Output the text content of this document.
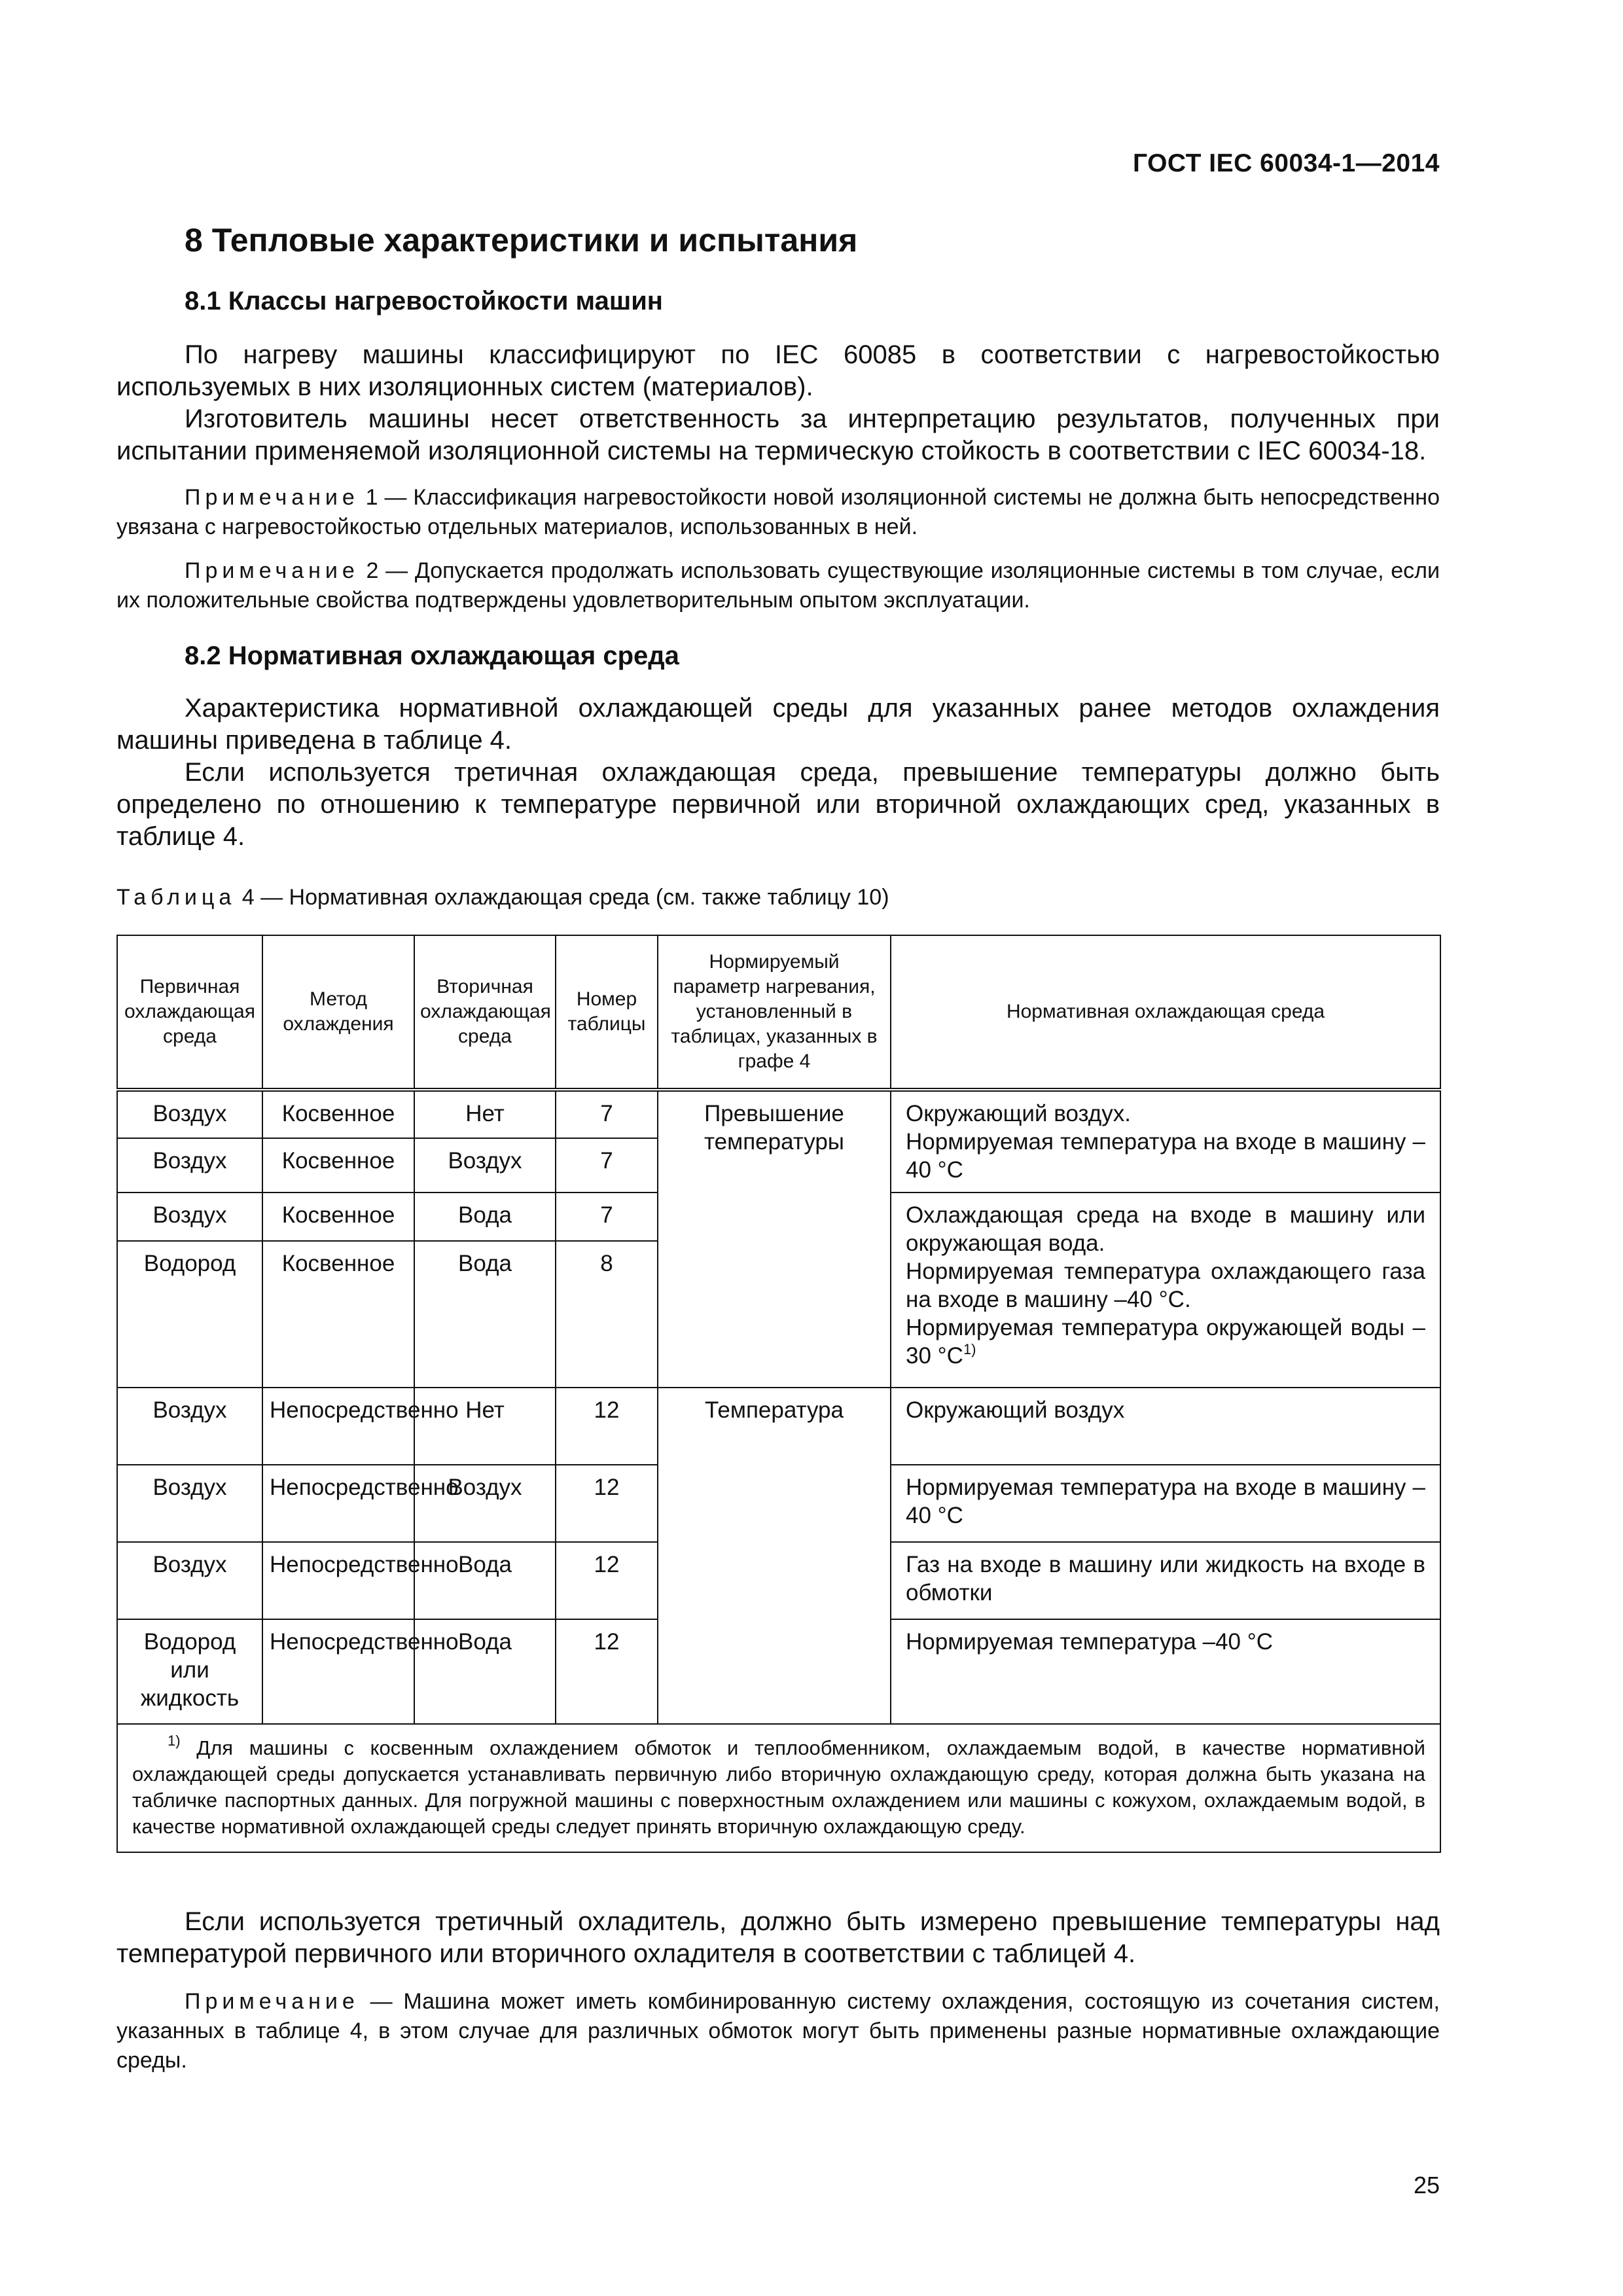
ГОСТ IEC 60034-1—2014
8 Тепловые характеристики и испытания
8.1 Классы нагревостойкости машин

По нагреву машины классифицируют по IEC 60085 в соответствии с нагревостойкостью используемых в них изоляционных систем (материалов).

Изготовитель машины несет ответственность за интерпретацию результатов, полученных при испытании применяемой изоляционной системы на термическую стойкость в соответствии с IEC 60034-18.

Примечание 1 — Классификация нагревостойкости новой изоляционной системы не должна быть непосредственно увязана с нагревостойкостью отдельных материалов, использованных в ней.

Примечание 2 — Допускается продолжать использовать существующие изоляционные системы в том случае, если их положительные свойства подтверждены удовлетворительным опытом эксплуатации.

8.2 Нормативная охлаждающая среда

Характеристика нормативной охлаждающей среды для указанных ранее методов охлаждения машины приведена в таблице 4.

Если используется третичная охлаждающая среда, превышение температуры должно быть определено по отношению к температуре первичной или вторичной охлаждающих сред, указанных в таблице 4.

Таблица 4 — Нормативная охлаждающая среда (см. также таблицу 10)
Первичная охлаждающая среда	Метод охлаждения	Вторичная охлаждающая среда	Номер таблицы	Нормируемый параметр нагревания, установленный в таблицах, указанных в графе 4	Нормативная охлаждающая среда
Воздух	Косвенное	Нет	7	Превышение температуры	Окружающий воздух.
Нормируемая температура на входе в машину –40 °С

Воздух	Косвенное	Воздух	7		
Воздух	Косвенное	Вода	7		Охлаждающая среда на входе в машину или окружающая вода.
Нормируемая температура охлаждающего газа на входе в машину –40 °С.
Нормируемая температура окружающей воды –30 $^\circ С^{1)}$

Водород	Косвенное	Вода	8		
Воздух	Непосредственно	Нет	12	Температура	Окружающий воздух
Воздух	Непосредственно	Воздух	12		Нормируемая температура на входе в машину –40 °С
Воздух	Непосредственно	Вода	12		Газ на входе в машину или жидкость на входе в обмотки
Водород или жидкость	Непосредственно	Вода	12		Нормируемая температура –40 °С
$^{1)}$ Для машины с косвенным охлаждением обмоток и теплообменником, охлаждаемым водой, в качестве нормативной охлаждающей среды допускается устанавливать первичную либо вторичную охлаждающую среду, которая должна быть указана на табличке паспортных данных. Для погружной машины с поверхностным охлаждением или машины с кожухом, охлаждаемым водой, в качестве нормативной охлаждающей среды следует принять вторичную охлаждающую среду.					

Если используется третичный охладитель, должно быть измерено превышение температуры над температурой первичного или вторичного охладителя в соответствии с таблицей 4.

Примечание — Машина может иметь комбинированную систему охлаждения, состоящую из сочетания систем, указанных в таблице 4, в этом случае для различных обмоток могут быть применены разные нормативные охлаждающие среды.

25
